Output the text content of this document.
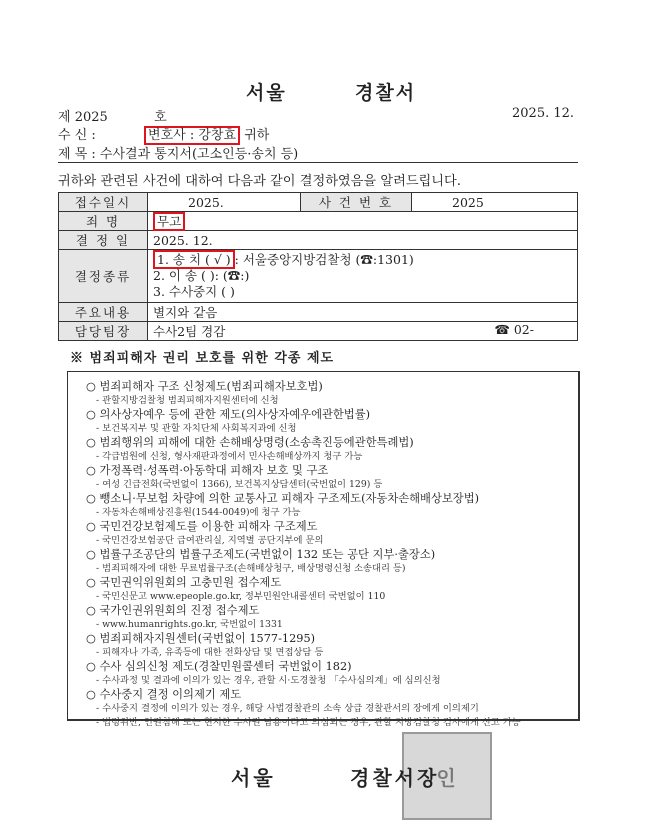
서울	경찰서
제 2025	호	2025. 12.
수 신 :	변호사 : 강창효 귀하
제 목 : 수사결과 통지서(고소인등·송치 등)
귀하와 관련된 사건에 대하여 다음과 같이 결정하였음을 알려드립니다.
접수일시	2025.	사 건 번 호	2025
죄 명	무고		
결 정 일	2025. 12.		
결정종류	1. 송 치 ( √ ) : 서울중앙지방검찰청 (☎:1301)
2. 이 송 ( ): (☎:)
3. 수사중지 ( )		

주요내용	별지와 같음		
담당팀장	수사2팀 경감 ☎ 02-		
※ 범죄피해자 권리 보호를 위한 각종 제도
○ 범죄피해자 구조 신청제도(범죄피해자보호법)
- 관할지방검찰청 범죄피해자지원센터에 신청
○ 의사상자예우 등에 관한 제도(의사상자예우에관한법률)
- 보건복지부 및 관할 자치단체 사회복지과에 신청
○ 범죄행위의 피해에 대한 손해배상명령(소송촉진등에관한특례법)
- 각급법원에 신청, 형사재판과정에서 민사손해배상까지 청구 가능
○ 가정폭력·성폭력·아동학대 피해자 보호 및 구조
- 여성 긴급전화(국번없이 1366), 보건복지상담센터(국번없이 129) 등
○ 뺑소니·무보험 차량에 의한 교통사고 피해자 구조제도(자동차손해배상보장법)
- 자동차손해배상진흥원(1544-0049)에 청구 가능
○ 국민건강보험제도를 이용한 피해자 구조제도
- 국민건강보험공단 급여관리실, 지역별 공단지부에 문의
○ 법률구조공단의 법률구조제도(국번없이 132 또는 공단 지부·출장소)
- 범죄피해자에 대한 무료법률구조(손해배상청구, 배상명령신청 소송대리 등)
○ 국민권익위원회의 고충민원 접수제도
- 국민신문고 www.epeople.go.kr, 정부민원안내콜센터 국번없이 110
○ 국가인권위원회의 진정 접수제도
- www.humanrights.go.kr, 국번없이 1331
○ 범죄피해자지원센터(국번없이 1577-1295)
- 피해자나 가족, 유족등에 대한 전화상담 및 면접상담 등
○ 수사 심의신청 제도(경찰민원콜센터 국번없이 182)
- 수사과정 및 결과에 이의가 있는 경우, 관할 시·도경찰청 「수사심의계」에 심의신청
○ 수사중지 결정 이의제기 제도
- 수사중지 결정에 이의가 있는 경우, 해당 사법경찰관의 소속 상급 경찰관서의 장에게 이의제기
- 법령위반, 인권침해 또는 현저한 수사권 남용이라고 의심되는 경우, 관할 지방검찰청 검사에게 신고 가능
서울	인
경찰서장
